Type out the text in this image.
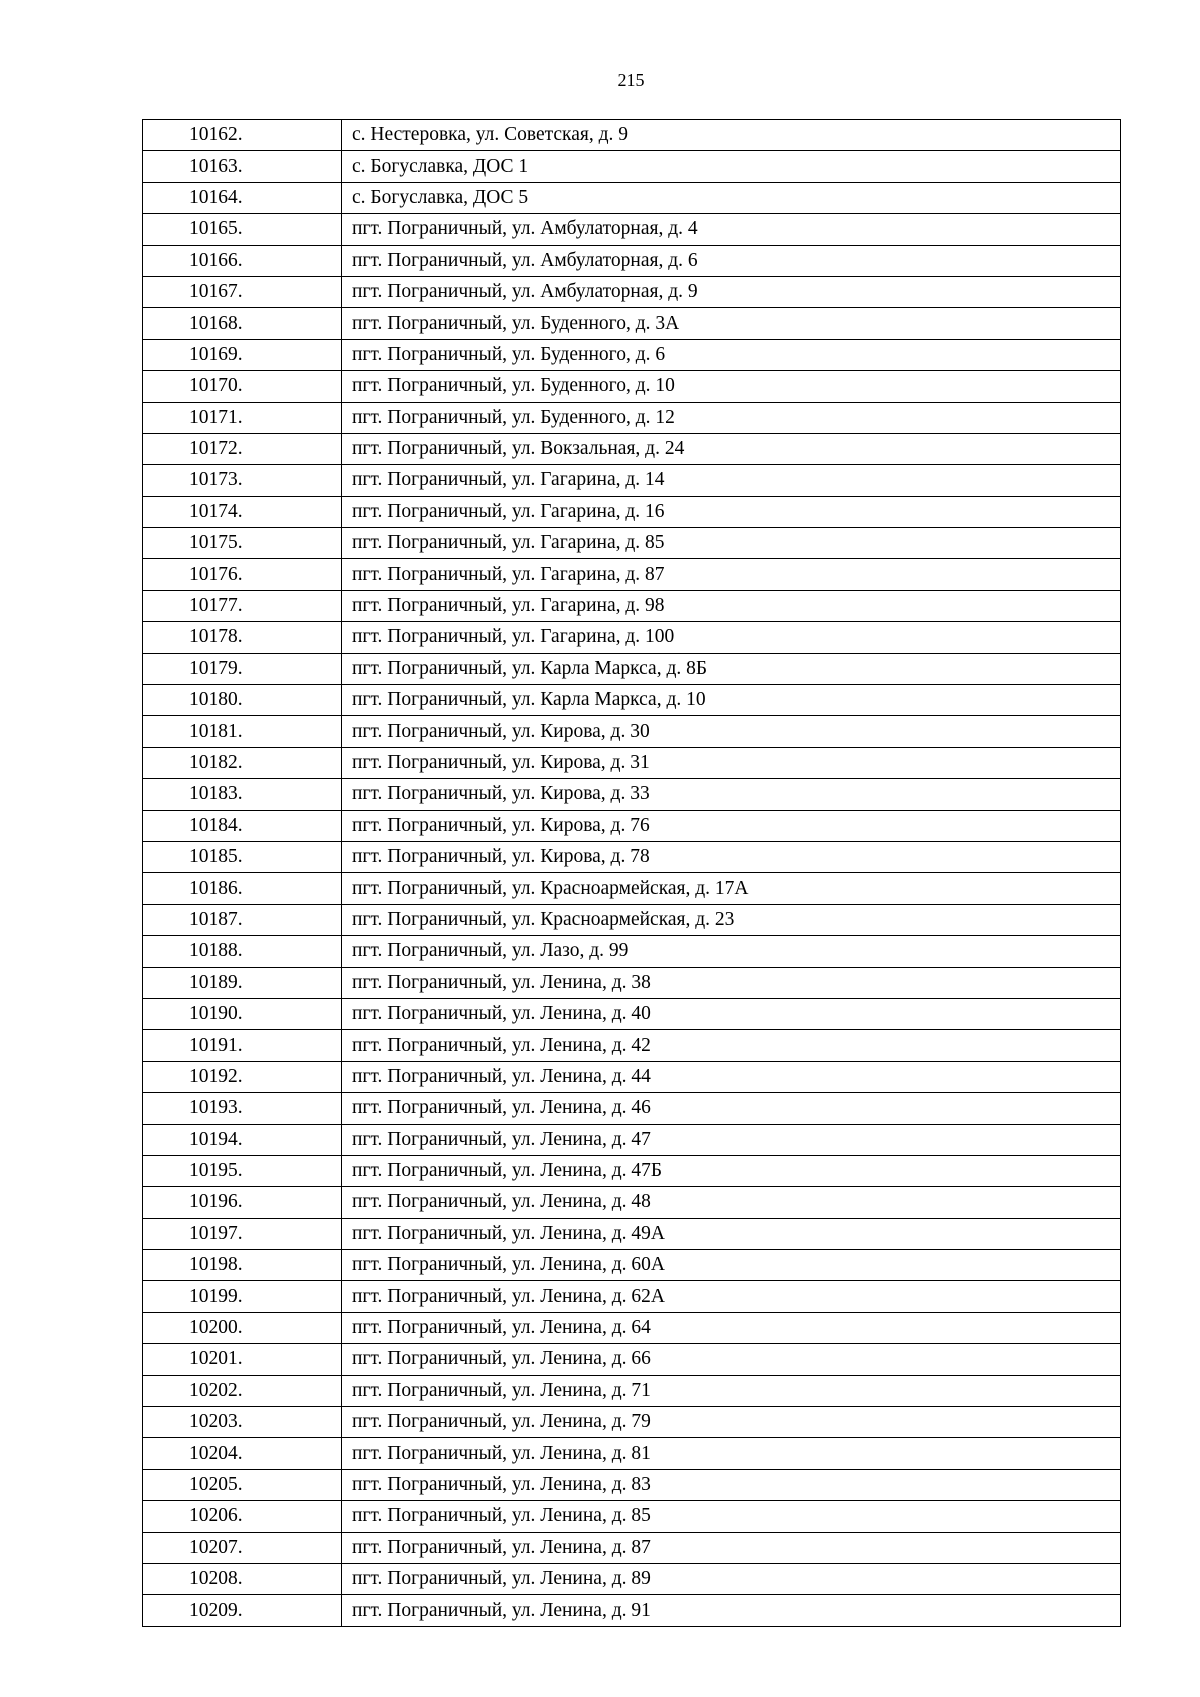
215
10162.	с. Нестеровка, ул. Советская, д. 9
10163.	с. Богуславка, ДОС 1
10164.	с. Богуславка, ДОС 5
10165.	пгт. Пограничный, ул. Амбулаторная, д. 4
10166.	пгт. Пограничный, ул. Амбулаторная, д. 6
10167.	пгт. Пограничный, ул. Амбулаторная, д. 9
10168.	пгт. Пограничный, ул. Буденного, д. 3А
10169.	пгт. Пограничный, ул. Буденного, д. 6
10170.	пгт. Пограничный, ул. Буденного, д. 10
10171.	пгт. Пограничный, ул. Буденного, д. 12
10172.	пгт. Пограничный, ул. Вокзальная, д. 24
10173.	пгт. Пограничный, ул. Гагарина, д. 14
10174.	пгт. Пограничный, ул. Гагарина, д. 16
10175.	пгт. Пограничный, ул. Гагарина, д. 85
10176.	пгт. Пограничный, ул. Гагарина, д. 87
10177.	пгт. Пограничный, ул. Гагарина, д. 98
10178.	пгт. Пограничный, ул. Гагарина, д. 100
10179.	пгт. Пограничный, ул. Карла Маркса, д. 8Б
10180.	пгт. Пограничный, ул. Карла Маркса, д. 10
10181.	пгт. Пограничный, ул. Кирова, д. 30
10182.	пгт. Пограничный, ул. Кирова, д. 31
10183.	пгт. Пограничный, ул. Кирова, д. 33
10184.	пгт. Пограничный, ул. Кирова, д. 76
10185.	пгт. Пограничный, ул. Кирова, д. 78
10186.	пгт. Пограничный, ул. Красноармейская, д. 17А
10187.	пгт. Пограничный, ул. Красноармейская, д. 23
10188.	пгт. Пограничный, ул. Лазо, д. 99
10189.	пгт. Пограничный, ул. Ленина, д. 38
10190.	пгт. Пограничный, ул. Ленина, д. 40
10191.	пгт. Пограничный, ул. Ленина, д. 42
10192.	пгт. Пограничный, ул. Ленина, д. 44
10193.	пгт. Пограничный, ул. Ленина, д. 46
10194.	пгт. Пограничный, ул. Ленина, д. 47
10195.	пгт. Пограничный, ул. Ленина, д. 47Б
10196.	пгт. Пограничный, ул. Ленина, д. 48
10197.	пгт. Пограничный, ул. Ленина, д. 49А
10198.	пгт. Пограничный, ул. Ленина, д. 60А
10199.	пгт. Пограничный, ул. Ленина, д. 62А
10200.	пгт. Пограничный, ул. Ленина, д. 64
10201.	пгт. Пограничный, ул. Ленина, д. 66
10202.	пгт. Пограничный, ул. Ленина, д. 71
10203.	пгт. Пограничный, ул. Ленина, д. 79
10204.	пгт. Пограничный, ул. Ленина, д. 81
10205.	пгт. Пограничный, ул. Ленина, д. 83
10206.	пгт. Пограничный, ул. Ленина, д. 85
10207.	пгт. Пограничный, ул. Ленина, д. 87
10208.	пгт. Пограничный, ул. Ленина, д. 89
10209.	пгт. Пограничный, ул. Ленина, д. 91
